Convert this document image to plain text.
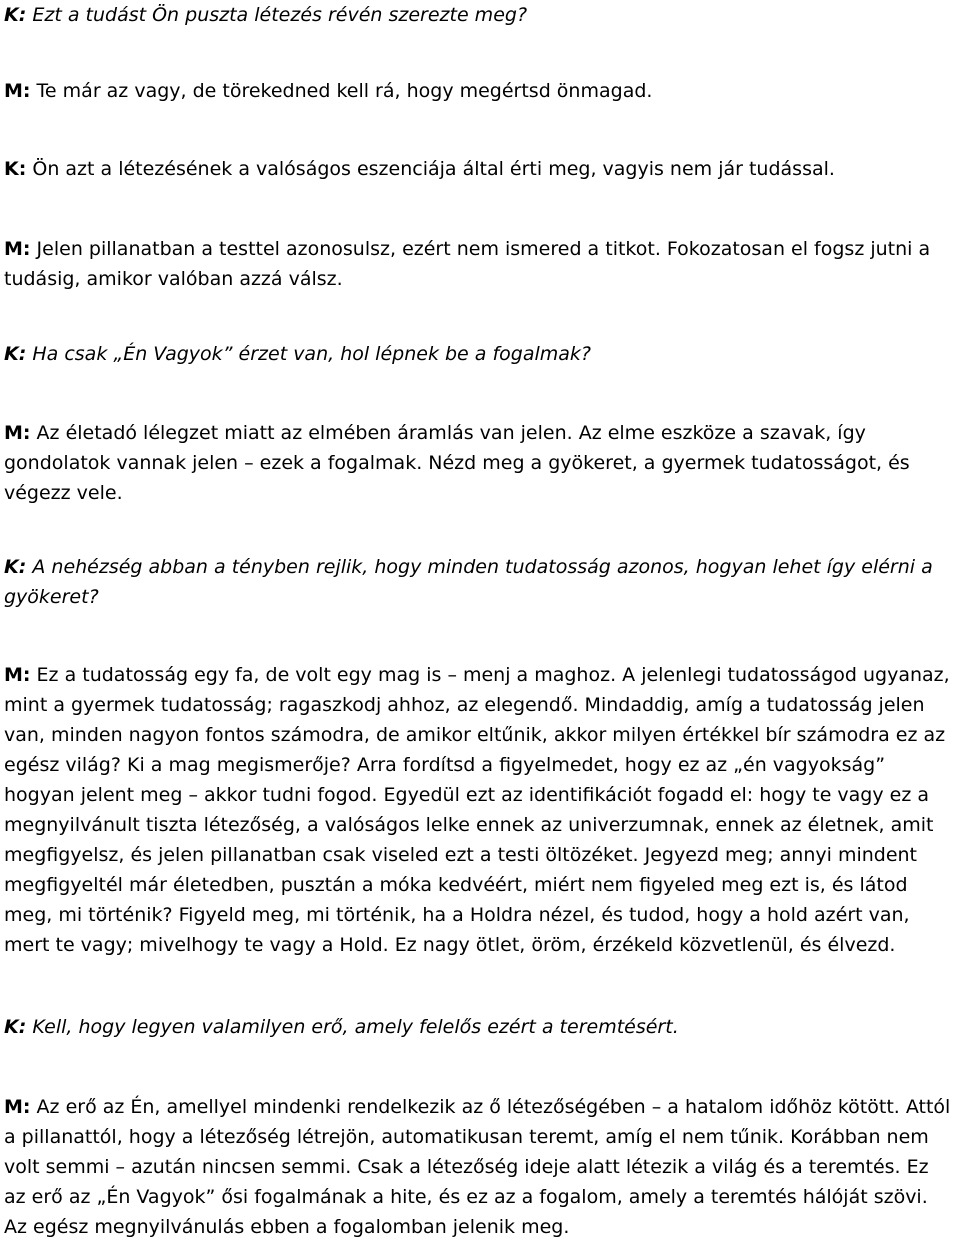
K: Ezt a tudást Ön puszta létezés révén szerezte meg?

M: Te már az vagy, de törekedned kell rá, hogy megértsd önmagad.

K: Ön azt a létezésének a valóságos eszenciája által érti meg, vagyis nem jár tudással.

M: Jelen pillanatban a testtel azonosulsz, ezért nem ismered a titkot. Fokozatosan el fogsz jutni a tudásig, amikor valóban azzá válsz.

K: Ha csak „Én Vagyok” érzet van, hol lépnek be a fogalmak?

M: Az életadó lélegzet miatt az elmében áramlás van jelen. Az elme eszköze a szavak, így gondolatok vannak jelen – ezek a fogalmak. Nézd meg a gyökeret, a gyermek tudatosságot, és végezz vele.

K: A nehézség abban a tényben rejlik, hogy minden tudatosság azonos, hogyan lehet így elérni a gyökeret?

M: Ez a tudatosság egy fa, de volt egy mag is – menj a maghoz. A jelenlegi tudatosságod ugyanaz, mint a gyermek tudatosság; ragaszkodj ahhoz, az elegendő. Mindaddig, amíg a tudatosság jelen van, minden nagyon fontos számodra, de amikor eltűnik, akkor milyen értékkel bír számodra ez az egész világ? Ki a mag megismerője? Arra fordítsd a figyelmedet, hogy ez az „én vagyokság” hogyan jelent meg – akkor tudni fogod. Egyedül ezt az identifikációt fogadd el: hogy te vagy ez a megnyilvánult tiszta létezőség, a valóságos lelke ennek az univerzumnak, ennek az életnek, amit megfigyelsz, és jelen pillanatban csak viseled ezt a testi öltözéket. Jegyezd meg; annyi mindent megfigyeltél már életedben, pusztán a móka kedvéért, miért nem figyeled meg ezt is, és látod meg, mi történik? Figyeld meg, mi történik, ha a Holdra nézel, és tudod, hogy a hold azért van, mert te vagy; mivelhogy te vagy a Hold. Ez nagy ötlet, öröm, érzékeld közvetlenül, és élvezd.

K: Kell, hogy legyen valamilyen erő, amely felelős ezért a teremtésért.

M: Az erő az Én, amellyel mindenki rendelkezik az ő létezőségében – a hatalom időhöz kötött. Attól a pillanattól, hogy a létezőség létrejön, automatikusan teremt, amíg el nem tűnik. Korábban nem volt semmi – azután nincsen semmi. Csak a létezőség ideje alatt létezik a világ és a teremtés. Ez az erő az „Én Vagyok” ősi fogalmának a hite, és ez az a fogalom, amely a teremtés hálóját szövi. Az egész megnyilvánulás ebben a fogalomban jelenik meg.
